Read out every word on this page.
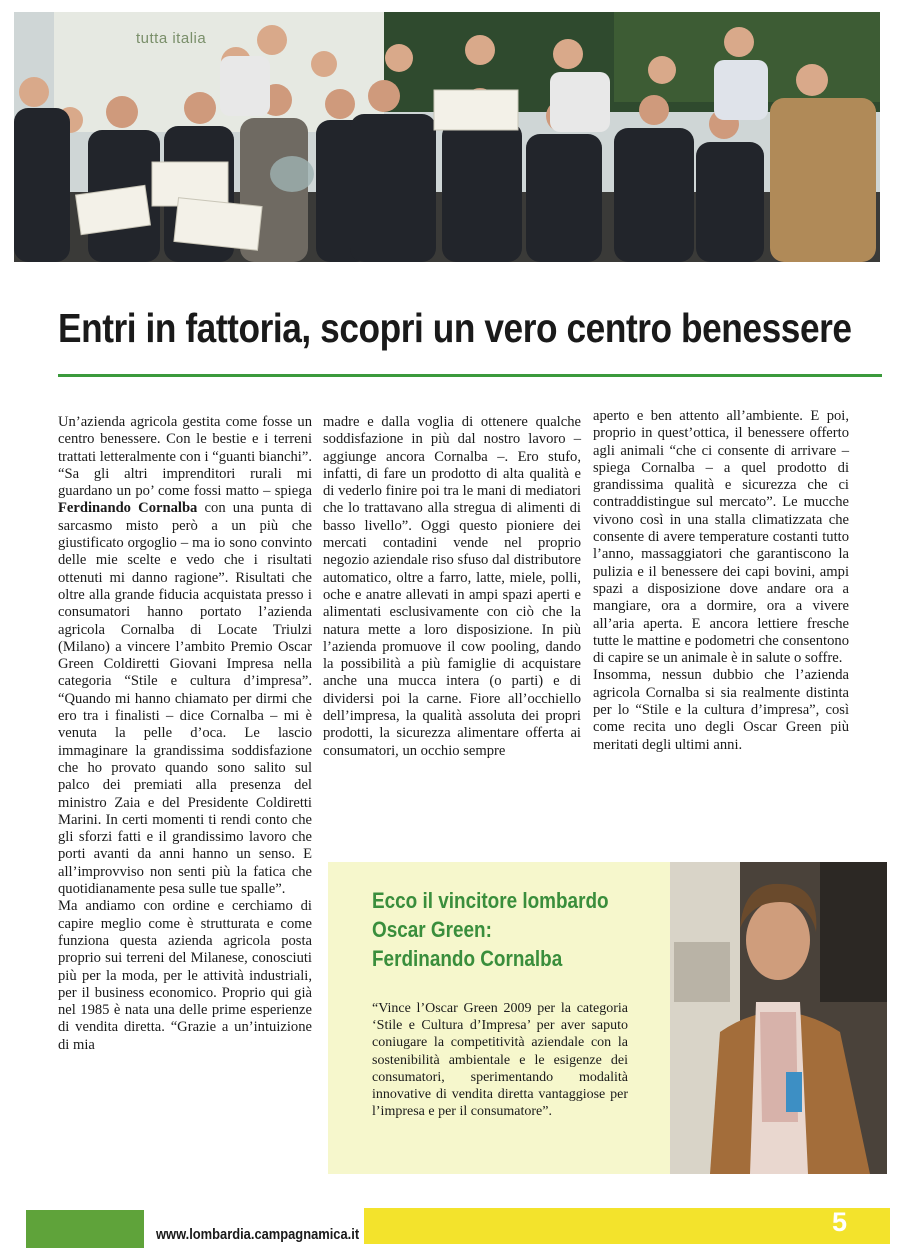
tutta italia
Entri in fattoria, scopri un vero centro benessere

Un’azienda agricola gestita come fosse un centro benessere. Con le bestie e i terreni trattati letteralmente con i “guanti bianchi”. “Sa gli altri imprenditori rurali mi guardano un po’ come fossi matto – spiega Ferdinando Cornalba con una punta di sarcasmo misto però a un più che giustificato orgoglio – ma io sono convinto delle mie scelte e vedo che i risultati ottenuti mi danno ragione”. Risultati che oltre alla grande fiducia acquistata presso i consumatori hanno portato l’azienda agricola Cornalba di Locate Triulzi (Milano) a vincere l’ambito Premio Oscar Green Coldiretti Giovani Impresa nella categoria “Stile e cultura d’impresa”. “Quando mi hanno chiamato per dirmi che ero tra i finalisti – dice Cornalba – mi è venuta la pelle d’oca. Le lascio immaginare la grandissima soddisfazione che ho provato quando sono salito sul palco dei premiati alla presenza del ministro Zaia e del Presidente Coldiretti Marini. In certi momenti ti rendi conto che gli sforzi fatti e il grandissimo lavoro che porti avanti da anni hanno un senso. E all’improvviso non senti più la fatica che quotidianamente pesa sulle tue spalle”.

Ma andiamo con ordine e cerchiamo di capire meglio come è strutturata e come funziona questa azienda agricola posta proprio sui terreni del Milanese, conosciuti più per la moda, per le attività industriali, per il business economico. Proprio qui già nel 1985 è nata una delle prime esperienze di vendita diretta. “Grazie a un’intuizione di mia

madre e dalla voglia di ottenere qualche soddisfazione in più dal nostro lavoro – aggiunge ancora Cornalba –. Ero stufo, infatti, di fare un prodotto di alta qualità e di vederlo finire poi tra le mani di mediatori che lo trattavano alla stregua di alimenti di basso livello”. Oggi questo pioniere dei mercati contadini vende nel proprio negozio aziendale riso sfuso dal distributore automatico, oltre a farro, latte, miele, polli, oche e anatre allevati in ampi spazi aperti e alimentati esclusivamente con ciò che la natura mette a loro disposizione. In più l’azienda promuove il cow pooling, dando la possibilità a più famiglie di acquistare anche una mucca intera (o parti) e di dividersi poi la carne. Fiore all’occhiello dell’impresa, la qualità assoluta dei propri prodotti, la sicurezza alimentare offerta ai consumatori, un occhio sempre

aperto e ben attento all’ambiente. E poi, proprio in quest’ottica, il benessere offerto agli animali “che ci consente di arrivare – spiega Cornalba – a quel prodotto di grandissima qualità e sicurezza che ci contraddistingue sul mercato”. Le mucche vivono così in una stalla climatizzata che consente di avere temperature costanti tutto l’anno, massaggiatori che garantiscono la pulizia e il benessere dei capi bovini, ampi spazi a disposizione dove andare ora a mangiare, ora a dormire, ora a vivere all’aria aperta. E ancora lettiere fresche tutte le mattine e podometri che consentono di capire se un animale è in salute o soffre.

Insomma, nessun dubbio che l’azienda agricola Cornalba si sia realmente distinta per lo “Stile e la cultura d’impresa”, così come recita uno degli Oscar Green più meritati degli ultimi anni.

Ecco il vincitore lombardo
Oscar Green:
Ferdinando Cornalba
“Vince l’Oscar Green 2009 per la categoria ‘Stile e Cultura d’Impresa’ per aver saputo coniugare la competitività aziendale con la sostenibilità ambientale e le esigenze dei consumatori, sperimentando modalità innovative di vendita diretta vantaggiose per l’impresa e per il consumatore”.
www.lombardia.campagnamica.it	5
